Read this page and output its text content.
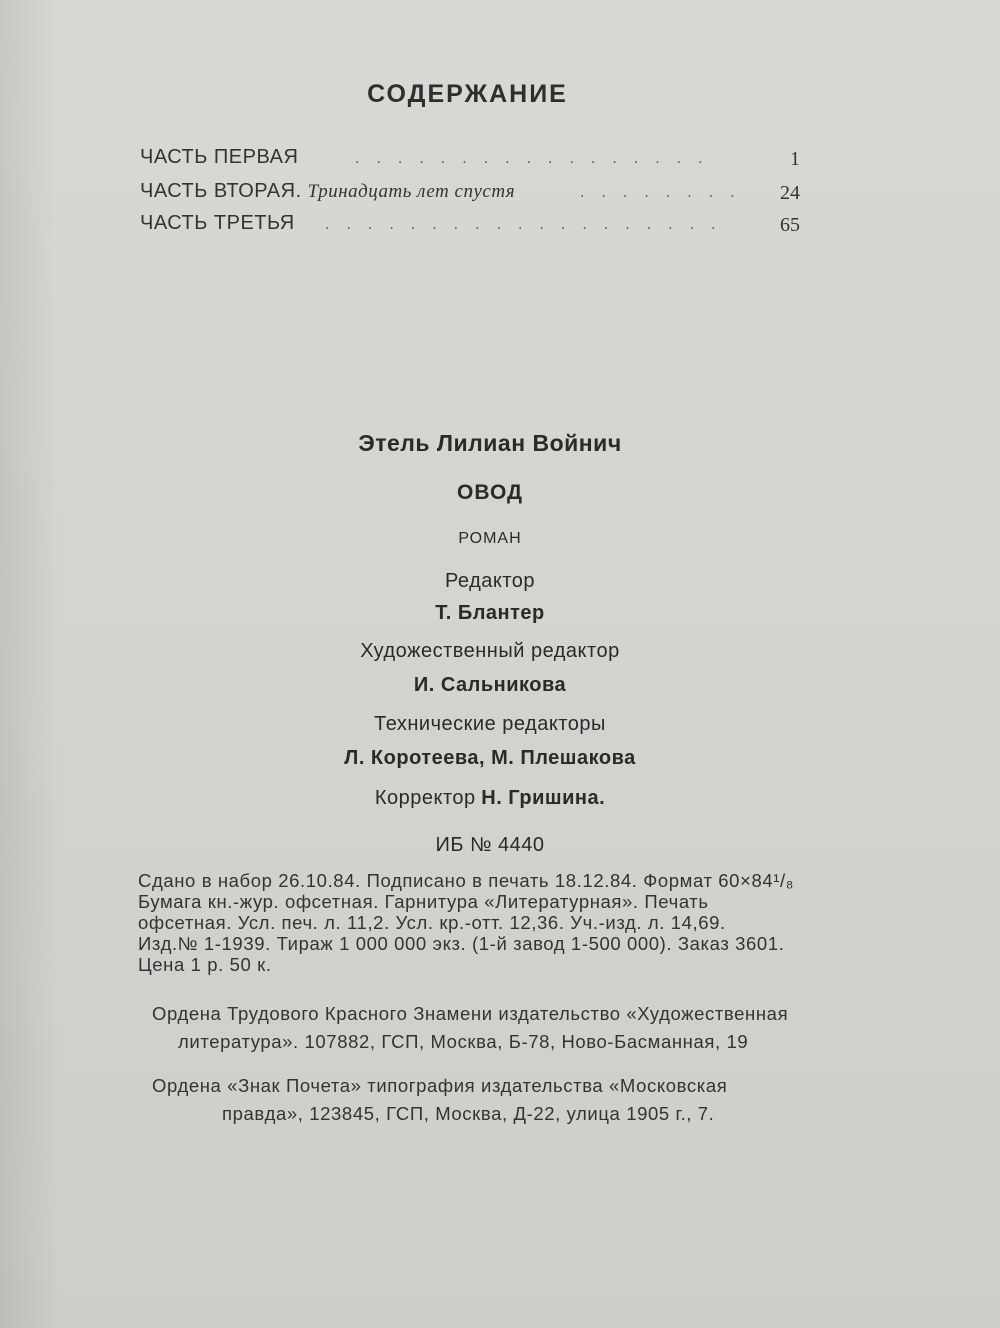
СОДЕРЖАНИЕ
ЧАСТЬ ПЕРВАЯ	.................	1
ЧАСТЬ ВТОРАЯ. Тринадцать лет спустя	........	24
ЧАСТЬ ТРЕТЬЯ ...................	65
Этель Лилиан Войнич
ОВОД
РОМАН
Редактор
Т. Блантер
Художественный редактор
И. Сальникова
Технические редакторы
Л. Коротеева, М. Плешакова
Корректор Н. Гришина.
ИБ № 4440
Сдано в набор 26.10.84. Подписано в печать 18.12.84. Формат 60×84¹/₈
Бумага кн.-жур. офсетная. Гарнитура «Литературная». Печать
офсетная. Усл. печ. л. 11,2. Усл. кр.-отт. 12,36. Уч.-изд. л. 14,69.
Изд.№ 1-1939. Тираж 1 000 000 экз. (1-й завод 1-500 000). Заказ 3601.
Цена 1 р. 50 к.
Ордена Трудового Красного Знамени издательство «Художественная
литература». 107882, ГСП, Москва, Б-78, Ново-Басманная, 19
Ордена «Знак Почета» типография издательства «Московская
правда», 123845, ГСП, Москва, Д-22, улица 1905 г., 7.
